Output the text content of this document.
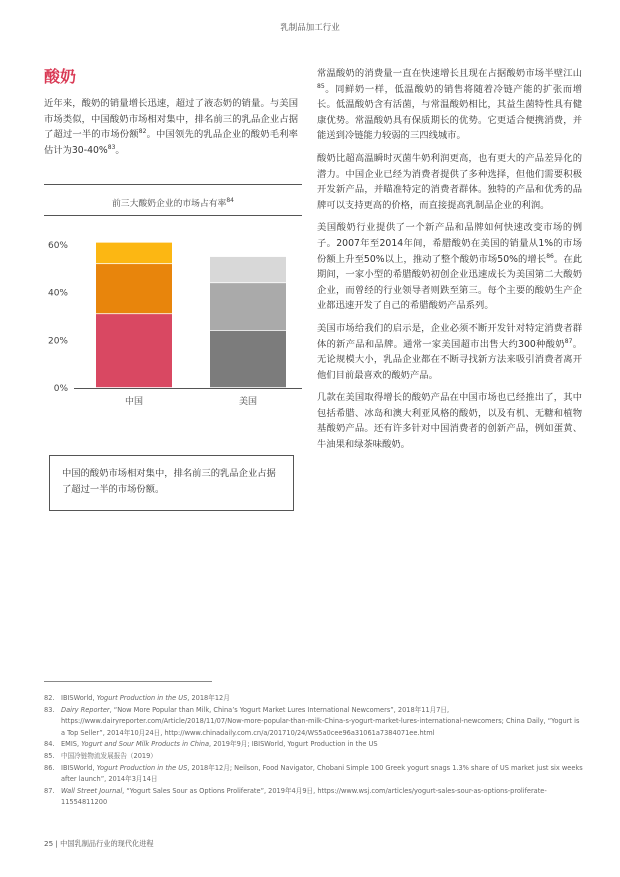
乳制品加工行业
酸奶

近年来，酸奶的销量增长迅速，超过了液态奶的销量。与美国市场类似，中国酸奶市场相对集中，排名前三的乳品企业占据了超过一半的市场份额$^{82}$。中国领先的乳品企业的酸奶毛利率估计为30-40%$^{83}$。

前三大酸奶企业的市场占有率$^{84}$
0%
20%
40%
60%
中国	美国
中国的酸奶市场相对集中，排名前三的乳品企业占据了超过一半的市场份额。

常温酸奶的消费量一直在快速增长且现在占据酸奶市场半壁江山$^{85}$。同鲜奶一样，低温酸奶的销售将随着冷链产能的扩张而增长。低温酸奶含有活菌，与常温酸奶相比，其益生菌特性具有健康优势。常温酸奶具有保质期长的优势。它更适合便携消费，并能送到冷链能力较弱的三四线城市。

酸奶比超高温瞬时灭菌牛奶利润更高，也有更大的产品差异化的潜力。中国企业已经为消费者提供了多种选择，但他们需要积极开发新产品，并瞄准特定的消费者群体。独特的产品和优秀的品牌可以支持更高的价格，而直接提高乳制品企业的利润。

美国酸奶行业提供了一个新产品和品牌如何快速改变市场的例子。2007年至2014年间，希腊酸奶在美国的销量从1%的市场份额上升至50%以上，推动了整个酸奶市场50%的增长$^{86}$。在此期间，一家小型的希腊酸奶初创企业迅速成长为美国第二大酸奶企业，而曾经的行业领导者则跌至第三。每个主要的酸奶生产企业都迅速开发了自己的希腊酸奶产品系列。

美国市场给我们的启示是，企业必须不断开发针对特定消费者群体的新产品和品牌。通常一家美国超市出售大约300种酸奶$^{87}$。无论规模大小，乳品企业都在不断寻找新方法来吸引消费者离开他们目前最喜欢的酸奶产品。

几款在美国取得增长的酸奶产品在中国市场也已经推出了，其中包括希腊、冰岛和澳大利亚风格的酸奶，以及有机、无糖和植物基酸奶产品。还有许多针对中国消费者的创新产品，例如蛋黄、牛油果和绿茶味酸奶。

82. IBISWorld, Yogurt Production in the US, 2018年12月
83. Dairy Reporter, “Now More Popular than Milk, China’s Yogurt Market Lures International Newcomers”, 2018年11月7日, https://www.dairyreporter.com/Article/2018/11/07/Now-more-popular-than-milk-China-s-yogurt-market-lures-international-newcomers; China Daily, “Yogurt is a Top Seller”, 2014年10月24日, http://www.chinadaily.com.cn/a/201710/24/WS5a0cee96a31061a7384071ee.html
84. EMIS, Yogurt and Sour Milk Products in China, 2019年9月; IBISWorld, Yogurt Production in the US
85. 中国冷链物流发展报告（2019）
86. IBISWorld, Yogurt Production in the US, 2018年12月; Neilson, Food Navigator, Chobani Simple 100 Greek yogurt snags 1.3% share of US market just six weeks after launch”, 2014年3月14日
87. Wall Street Journal, “Yogurt Sales Sour as Options Proliferate”, 2019年4月9日, https://www.wsj.com/articles/yogurt-sales-sour-as-options-proliferate-11554811200
25 | 中国乳制品行业的现代化进程
